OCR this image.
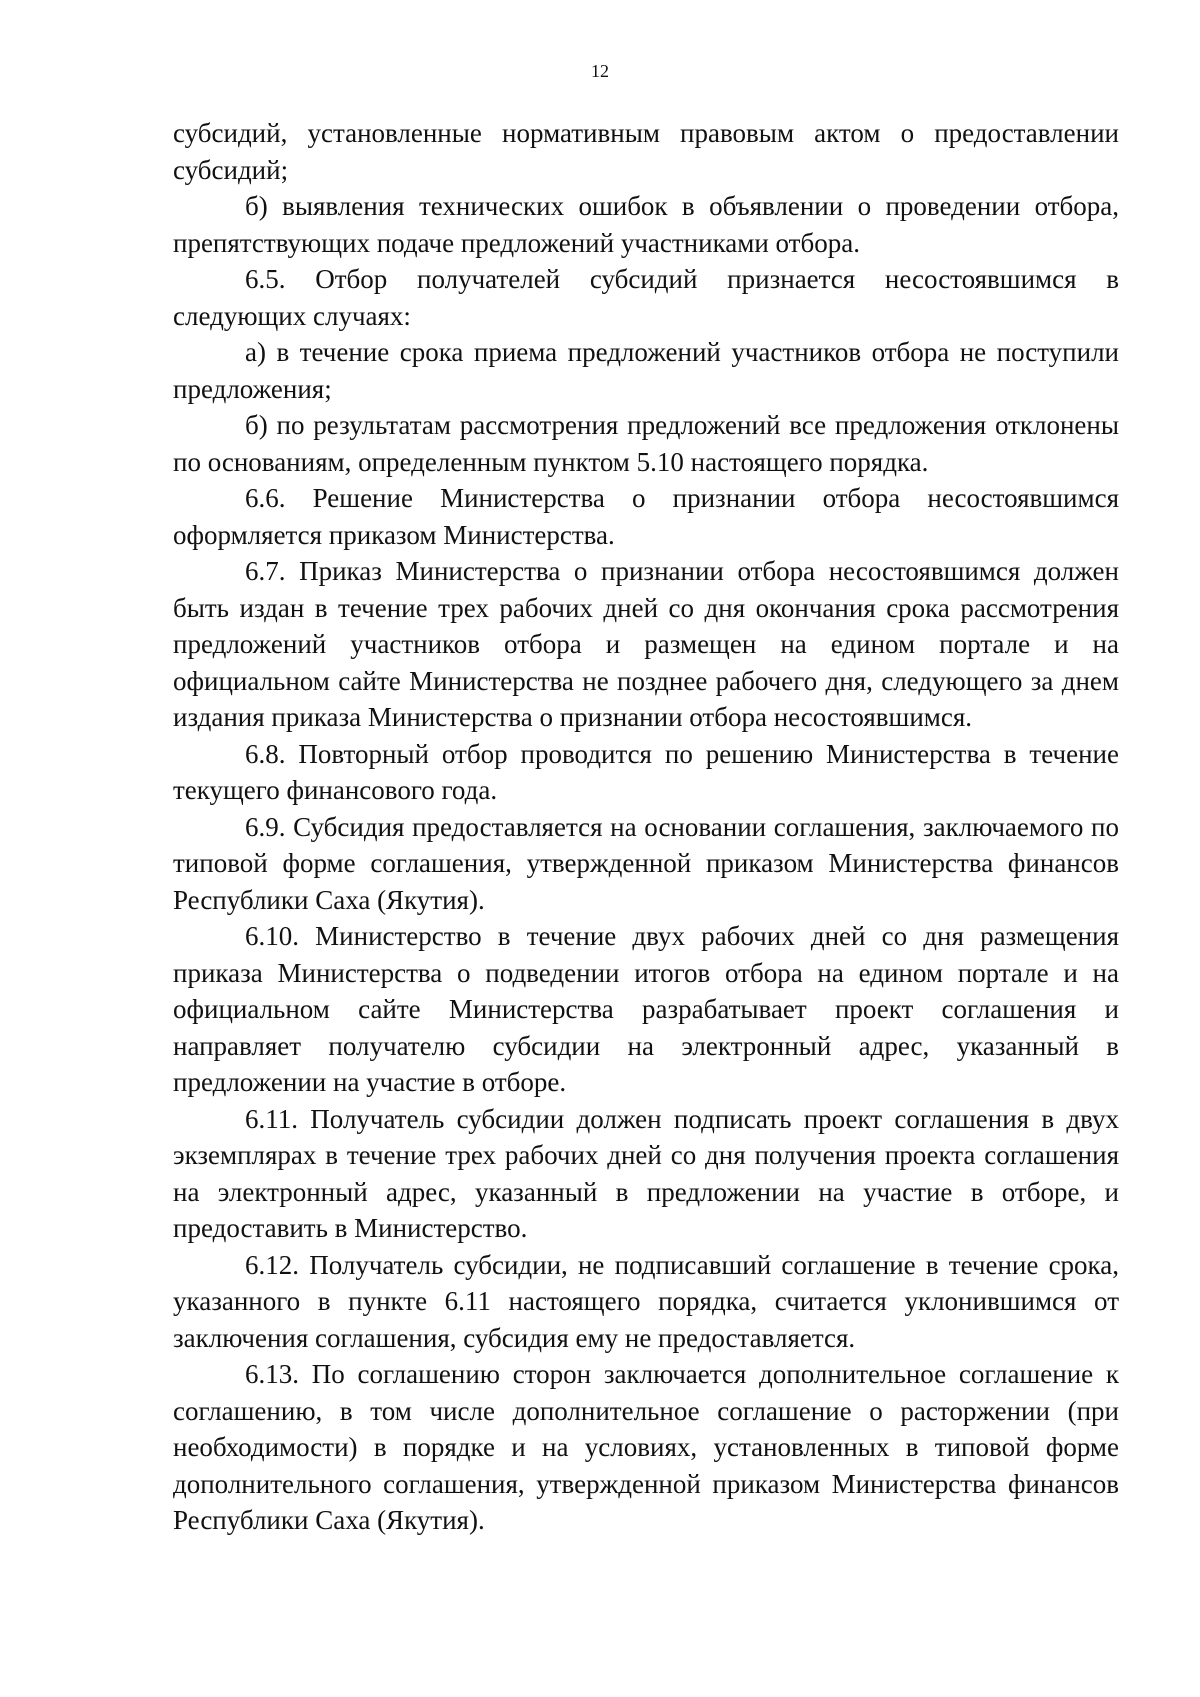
12

субсидий, установленные нормативным правовым актом о предоставлении субсидий;

б) выявления технических ошибок в объявлении о проведении отбора, препятствующих подаче предложений участниками отбора.

6.5. Отбор получателей субсидий признается несостоявшимся в следующих случаях:

а) в течение срока приема предложений участников отбора не поступили предложения;

б) по результатам рассмотрения предложений все предложения отклонены по основаниям, определенным пунктом 5.10 настоящего порядка.

6.6. Решение Министерства о признании отбора несостоявшимся оформляется приказом Министерства.

6.7. Приказ Министерства о признании отбора несостоявшимся должен быть издан в течение трех рабочих дней со дня окончания срока рассмотрения предложений участников отбора и размещен на едином портале и на официальном сайте Министерства не позднее рабочего дня, следующего за днем издания приказа Министерства о признании отбора несостоявшимся.

6.8. Повторный отбор проводится по решению Министерства в течение текущего финансового года.

6.9. Субсидия предоставляется на основании соглашения, заключаемого по типовой форме соглашения, утвержденной приказом Министерства финансов Республики Саха (Якутия).

6.10. Министерство в течение двух рабочих дней со дня размещения приказа Министерства о подведении итогов отбора на едином портале и на официальном сайте Министерства разрабатывает проект соглашения и направляет получателю субсидии на электронный адрес, указанный в предложении на участие в отборе.

6.11. Получатель субсидии должен подписать проект соглашения в двух экземплярах в течение трех рабочих дней со дня получения проекта соглашения на электронный адрес, указанный в предложении на участие в отборе, и предоставить в Министерство.

6.12. Получатель субсидии, не подписавший соглашение в течение срока, указанного в пункте 6.11 настоящего порядка, считается уклонившимся от заключения соглашения, субсидия ему не предоставляется.

6.13. По соглашению сторон заключается дополнительное соглашение к соглашению, в том числе дополнительное соглашение о расторжении (при необходимости) в порядке и на условиях, установленных в типовой форме дополнительного соглашения, утвержденной приказом Министерства финансов Республики Саха (Якутия).
